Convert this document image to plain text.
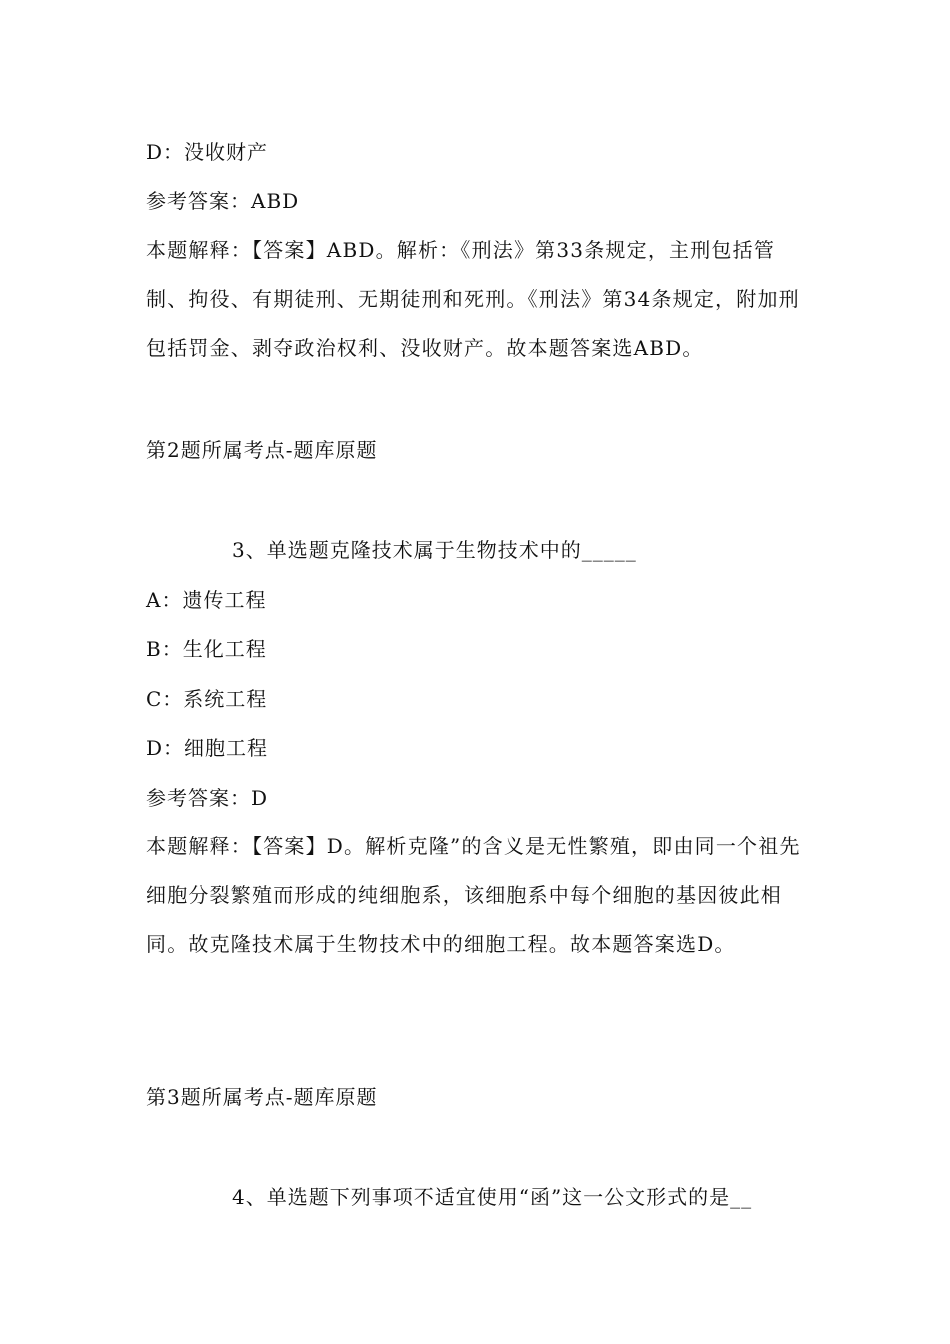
D：没收财产
参考答案：ABD
本题解释：【答案】ABD。解析：《刑法》第33条规定，主刑包括管制、拘役、有期徒刑、无期徒刑和死刑。《刑法》第34条规定，附加刑包括罚金、剥夺政治权利、没收财产。故本题答案选ABD。
第2题所属考点-题库原题
3、单选题克隆技术属于生物技术中的_____
A：遗传工程
B：生化工程
C：系统工程
D：细胞工程
参考答案：D
本题解释：【答案】D。解析克隆”的含义是无性繁殖，即由同一个祖先细胞分裂繁殖而形成的纯细胞系，该细胞系中每个细胞的基因彼此相同。故克隆技术属于生物技术中的细胞工程。故本题答案选D。
第3题所属考点-题库原题
4、单选题下列事项不适宜使用“函”这一公文形式的是__
